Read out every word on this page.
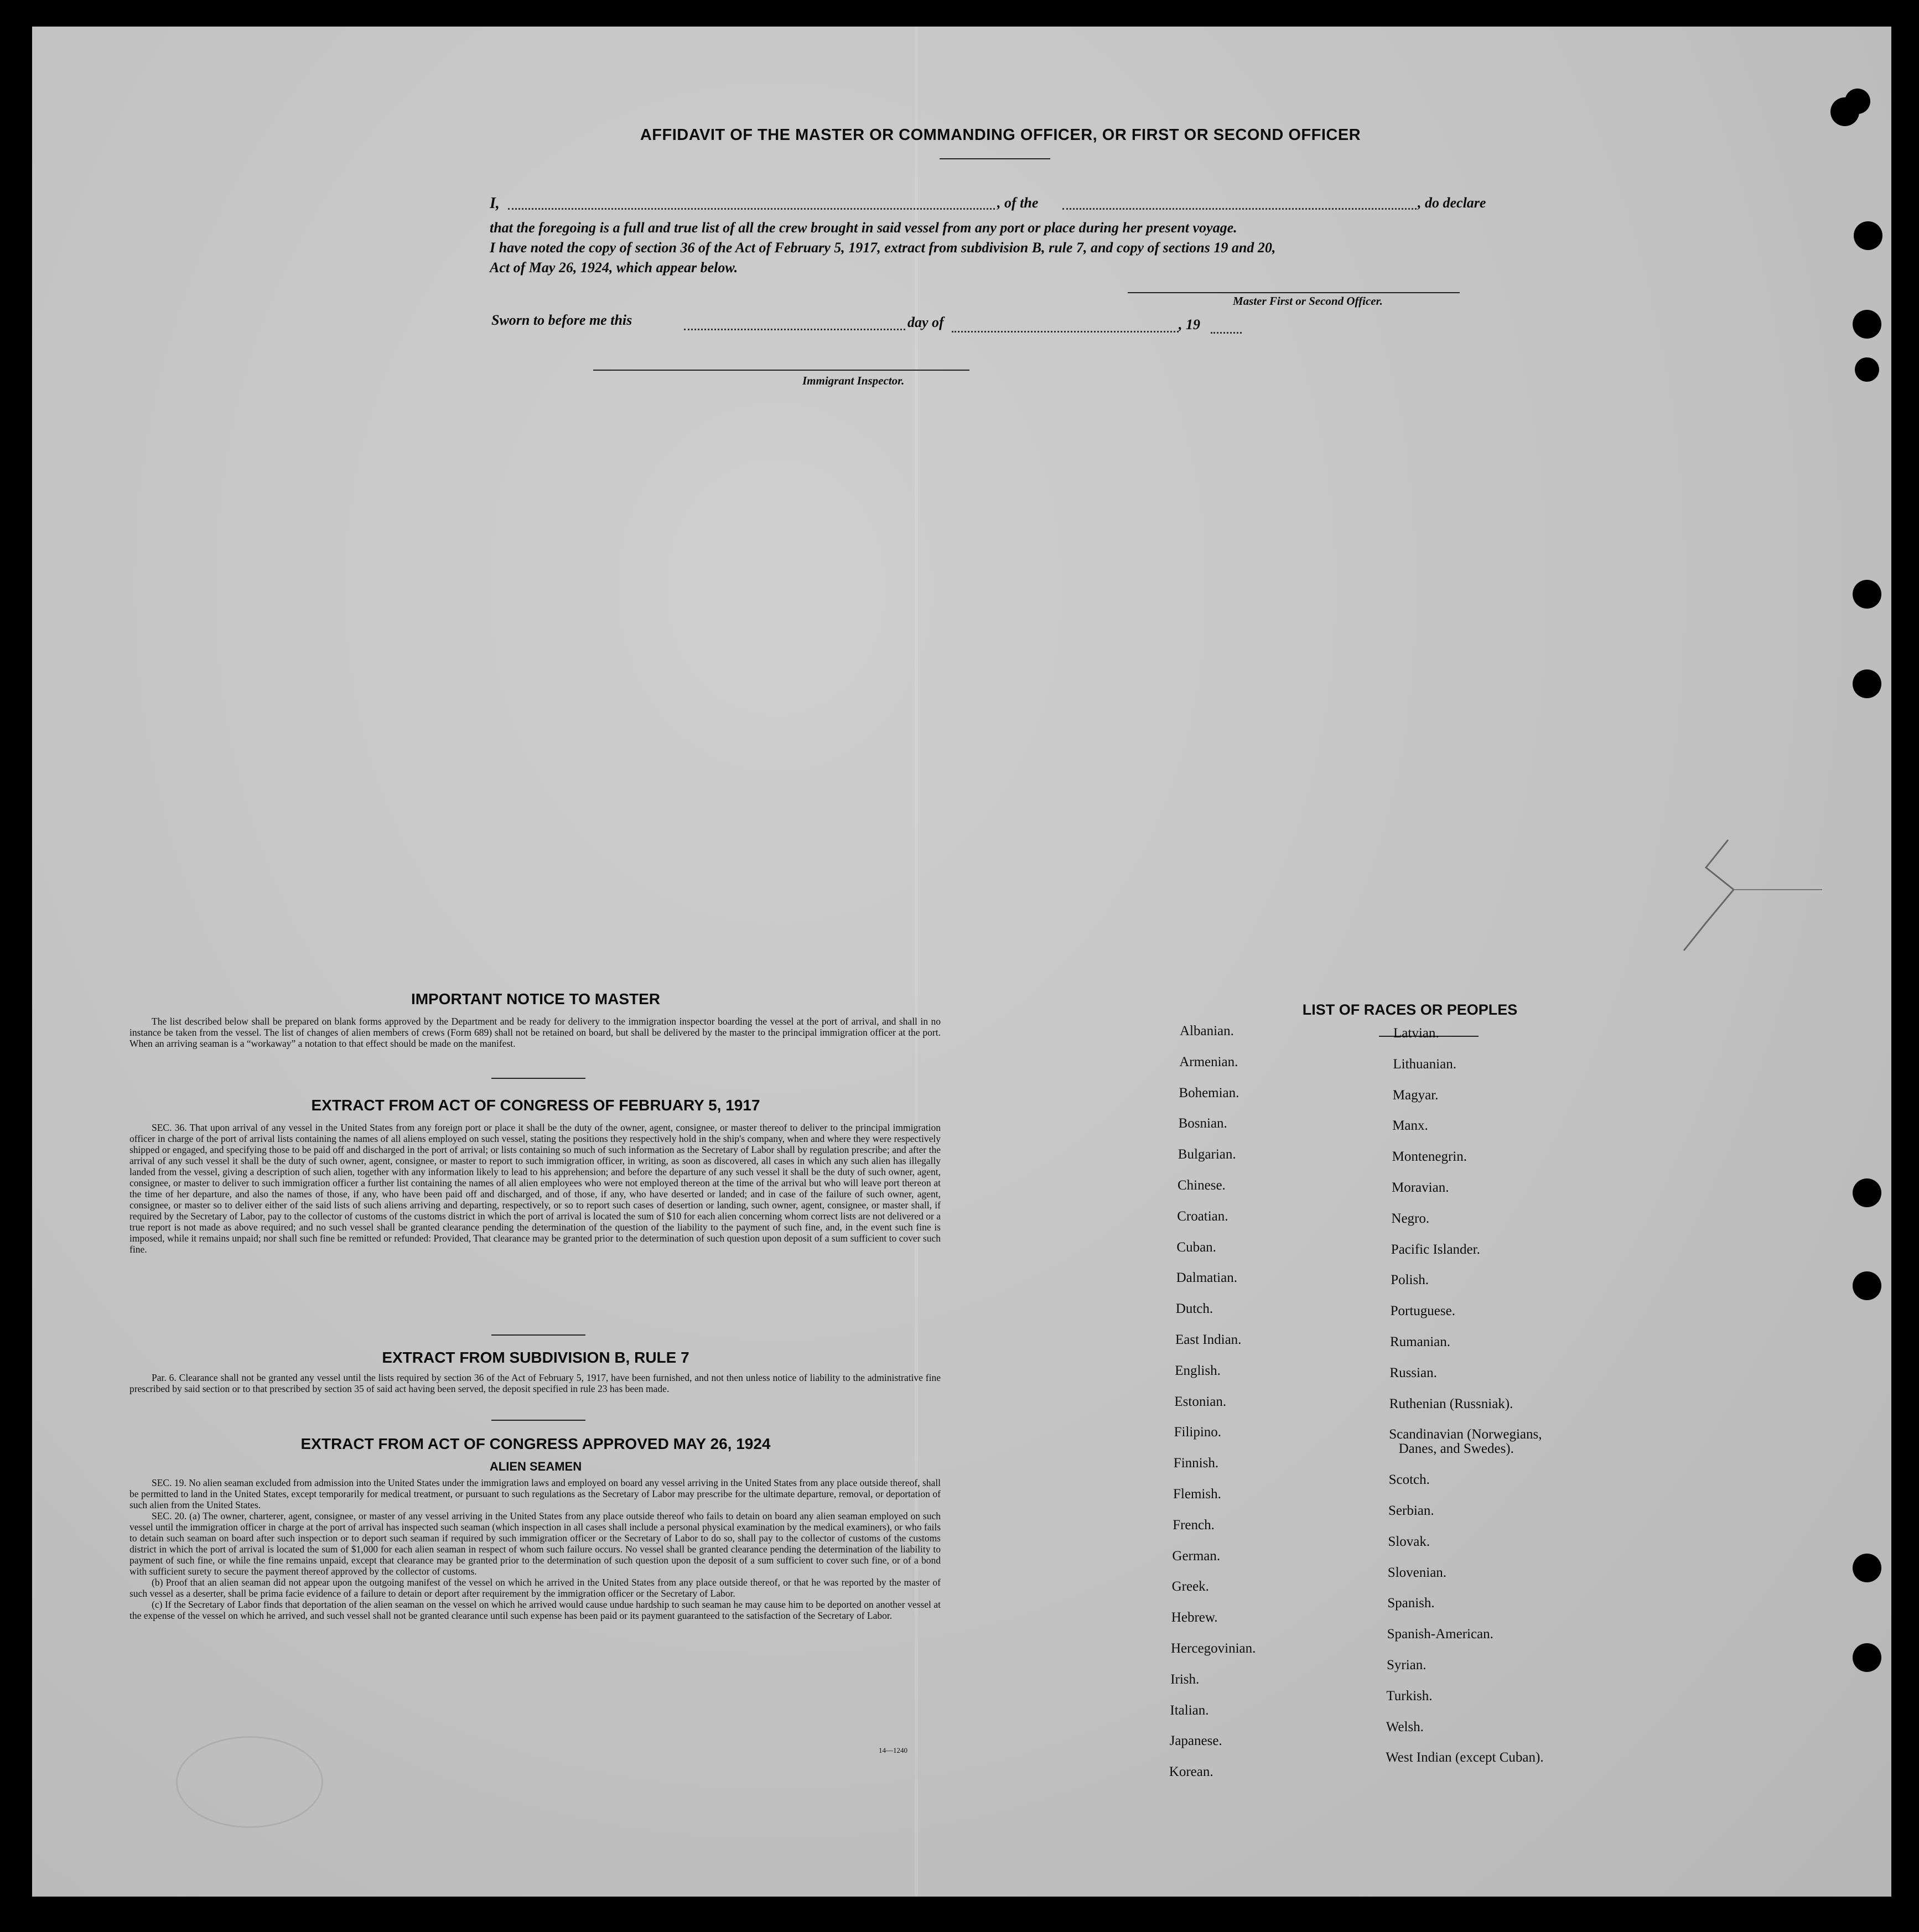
AFFIDAVIT OF THE MASTER OR COMMANDING OFFICER, OR FIRST OR SECOND OFFICER
I,	, of the	, do declare
that the foregoing is a full and true list of all the crew brought in said vessel from any port or place during her present voyage.
I have noted the copy of section 36 of the Act of February 5, 1917, extract from subdivision B, rule 7, and copy of sections 19 and 20,
Act of May 26, 1924, which appear below.
Master First or Second Officer.
Sworn to before me this	day of	, 19
Immigrant Inspector.
IMPORTANT NOTICE TO MASTER

The list described below shall be prepared on blank forms approved by the Department and be ready for delivery to the immigration inspector boarding the vessel at the port of arrival, and shall in no instance be taken from the vessel. The list of changes of alien members of crews (Form 689) shall not be retained on board, but shall be delivered by the master to the principal immigration officer at the port. When an arriving seaman is a “workaway” a notation to that effect should be made on the manifest.

EXTRACT FROM ACT OF CONGRESS OF FEBRUARY 5, 1917

SEC. 36. That upon arrival of any vessel in the United States from any foreign port or place it shall be the duty of the owner, agent, consignee, or master thereof to deliver to the principal immigration officer in charge of the port of arrival lists containing the names of all aliens employed on such vessel, stating the positions they respectively hold in the ship's company, when and where they were respectively shipped or engaged, and specifying those to be paid off and discharged in the port of arrival; or lists containing so much of such information as the Secretary of Labor shall by regulation prescribe; and after the arrival of any such vessel it shall be the duty of such owner, agent, consignee, or master to report to such immigration officer, in writing, as soon as discovered, all cases in which any such alien has illegally landed from the vessel, giving a description of such alien, together with any information likely to lead to his apprehension; and before the departure of any such vessel it shall be the duty of such owner, agent, consignee, or master to deliver to such immigration officer a further list containing the names of all alien employees who were not employed thereon at the time of the arrival but who will leave port thereon at the time of her departure, and also the names of those, if any, who have been paid off and discharged, and of those, if any, who have deserted or landed; and in case of the failure of such owner, agent, consignee, or master so to deliver either of the said lists of such aliens arriving and departing, respectively, or so to report such cases of desertion or landing, such owner, agent, consignee, or master shall, if required by the Secretary of Labor, pay to the collector of customs of the customs district in which the port of arrival is located the sum of $10 for each alien concerning whom correct lists are not delivered or a true report is not made as above required; and no such vessel shall be granted clearance pending the determination of the question of the liability to the payment of such fine, and, in the event such fine is imposed, while it remains unpaid; nor shall such fine be remitted or refunded: Provided, That clearance may be granted prior to the determination of such question upon deposit of a sum sufficient to cover such fine.

EXTRACT FROM SUBDIVISION B, RULE 7

Par. 6. Clearance shall not be granted any vessel until the lists required by section 36 of the Act of February 5, 1917, have been furnished, and not then unless notice of liability to the administrative fine prescribed by said section or to that prescribed by section 35 of said act having been served, the deposit specified in rule 23 has been made.

EXTRACT FROM ACT OF CONGRESS APPROVED MAY 26, 1924
ALIEN SEAMEN

SEC. 19. No alien seaman excluded from admission into the United States under the immigration laws and employed on board any vessel arriving in the United States from any place outside thereof, shall be permitted to land in the United States, except temporarily for medical treatment, or pursuant to such regulations as the Secretary of Labor may prescribe for the ultimate departure, removal, or deportation of such alien from the United States.

SEC. 20. (a) The owner, charterer, agent, consignee, or master of any vessel arriving in the United States from any place outside thereof who fails to detain on board any alien seaman employed on such vessel until the immigration officer in charge at the port of arrival has inspected such seaman (which inspection in all cases shall include a personal physical examination by the medical examiners), or who fails to detain such seaman on board after such inspection or to deport such seaman if required by such immigration officer or the Secretary of Labor to do so, shall pay to the collector of customs of the customs district in which the port of arrival is located the sum of $1,000 for each alien seaman in respect of whom such failure occurs. No vessel shall be granted clearance pending the determination of the liability to payment of such fine, or while the fine remains unpaid, except that clearance may be granted prior to the determination of such question upon the deposit of a sum sufficient to cover such fine, or of a bond with sufficient surety to secure the payment thereof approved by the collector of customs.

(b) Proof that an alien seaman did not appear upon the outgoing manifest of the vessel on which he arrived in the United States from any place outside thereof, or that he was reported by the master of such vessel as a deserter, shall be prima facie evidence of a failure to detain or deport after requirement by the immigration officer or the Secretary of Labor.

(c) If the Secretary of Labor finds that deportation of the alien seaman on the vessel on which he arrived would cause undue hardship to such seaman he may cause him to be deported on another vessel at the expense of the vessel on which he arrived, and such vessel shall not be granted clearance until such expense has been paid or its payment guaranteed to the satisfaction of the Secretary of Labor.

14—1240
LIST OF RACES OR PEOPLES
Albanian.
Armenian.
Bohemian.
Bosnian.
Bulgarian.
Chinese.
Croatian.
Cuban.
Dalmatian.
Dutch.
East Indian.
English.
Estonian.
Filipino.
Finnish.
Flemish.
French.
German.
Greek.
Hebrew.
Hercegovinian.
Irish.
Italian.
Japanese.
Korean.
Latvian.
Lithuanian.
Magyar.
Manx.
Montenegrin.
Moravian.
Negro.
Pacific Islander.
Polish.
Portuguese.
Rumanian.
Russian.
Ruthenian (Russniak).
Scandinavian (Norwegians,
Danes, and Swedes).
Scotch.
Serbian.
Slovak.
Slovenian.
Spanish.
Spanish-American.
Syrian.
Turkish.
Welsh.
West Indian (except Cuban).
